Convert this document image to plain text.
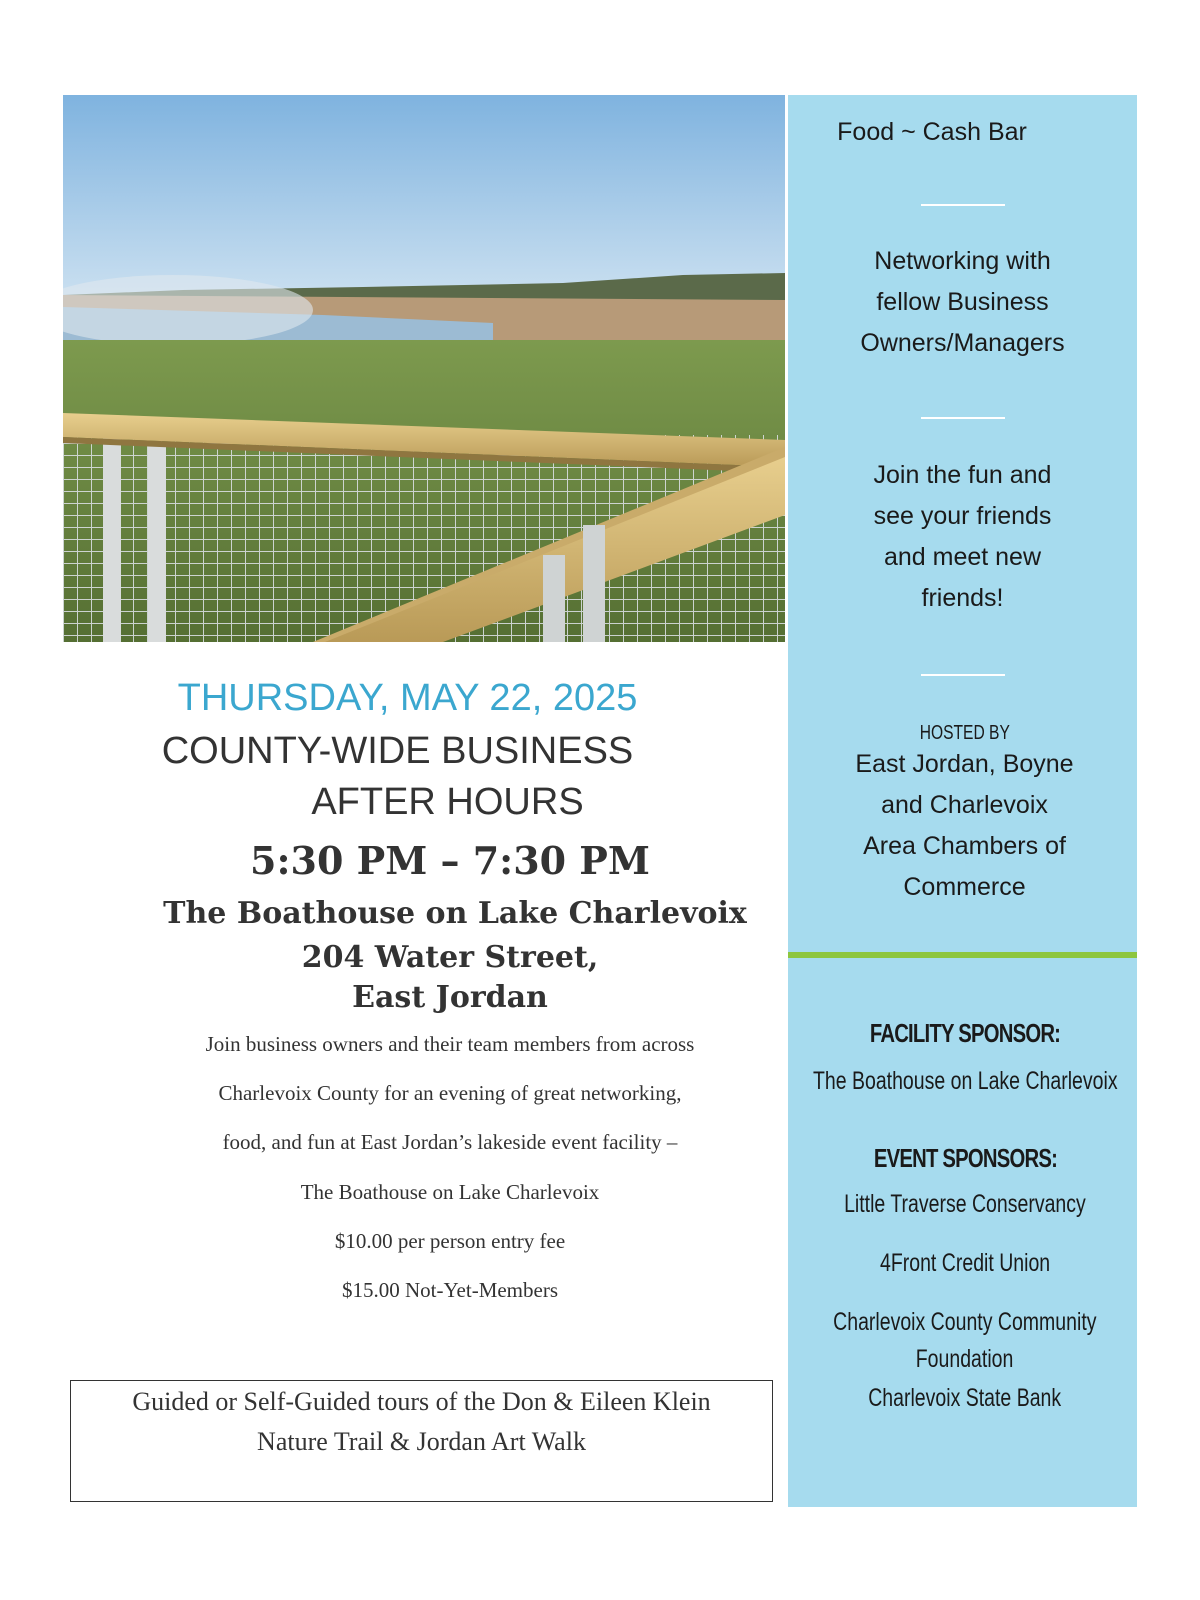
Food ~ Cash Bar
Networking with
fellow Business
Owners/Managers
Join the fun and
see your friends
and meet new
friends!
HOSTED BY
East Jordan, Boyne
and Charlevoix
Area Chambers of
Commerce
FACILITY SPONSOR:
The Boathouse on Lake Charlevoix
EVENT SPONSORS:
Little Traverse Conservancy
4Front Credit Union
Charlevoix County Community
Foundation
Charlevoix State Bank
THURSDAY, MAY 22, 2025
COUNTY-WIDE BUSINESS
AFTER HOURS
5:30 PM – 7:30 PM
The Boathouse on Lake Charlevoix
204 Water Street,
East Jordan
Join business owners and their team members from across
Charlevoix County for an evening of great networking,
food, and fun at East Jordan’s lakeside event facility –
The Boathouse on Lake Charlevoix
$10.00 per person entry fee
$15.00 Not-Yet-Members
Guided or Self-Guided tours of the Don & Eileen Klein
Nature Trail & Jordan Art Walk
